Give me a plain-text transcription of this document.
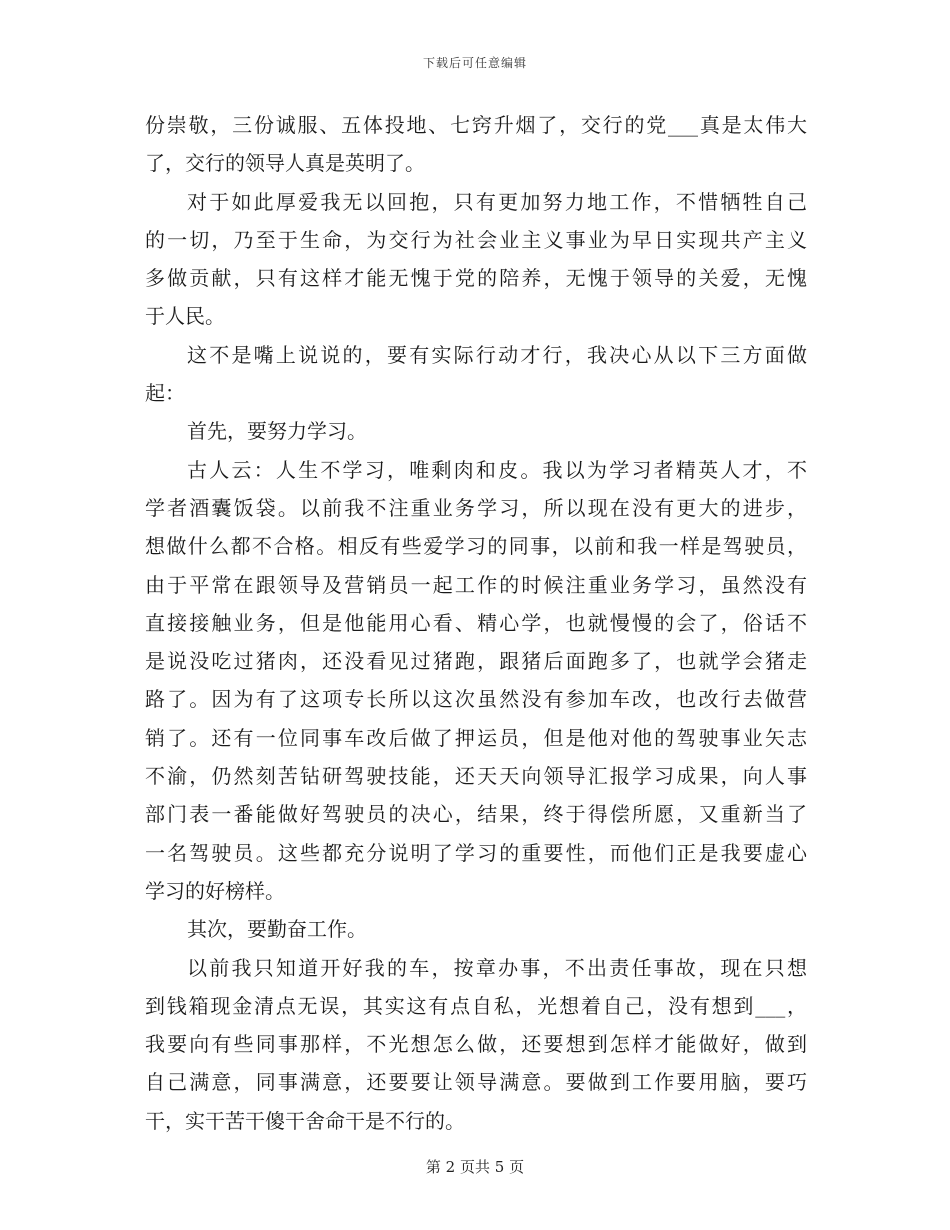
下载后可任意编辑
份崇敬，三份诚服、五体投地、七窍升烟了，交行的党___真是太伟大
了，交行的领导人真是英明了。
对于如此厚爱我无以回抱，只有更加努力地工作，不惜牺牲自己
的一切，乃至于生命，为交行为社会业主义事业为早日实现共产主义
多做贡献，只有这样才能无愧于党的陪养，无愧于领导的关爱，无愧
于人民。
这不是嘴上说说的，要有实际行动才行，我决心从以下三方面做
起：
首先，要努力学习。
古人云：人生不学习，唯剩肉和皮。我以为学习者精英人才，不
学者酒囊饭袋。以前我不注重业务学习，所以现在没有更大的进步，
想做什么都不合格。相反有些爱学习的同事，以前和我一样是驾驶员，
由于平常在跟领导及营销员一起工作的时候注重业务学习，虽然没有
直接接触业务，但是他能用心看、精心学，也就慢慢的会了，俗话不
是说没吃过猪肉，还没看见过猪跑，跟猪后面跑多了，也就学会猪走
路了。因为有了这项专长所以这次虽然没有参加车改，也改行去做营
销了。还有一位同事车改后做了押运员，但是他对他的驾驶事业矢志
不渝，仍然刻苦钻研驾驶技能，还天天向领导汇报学习成果，向人事
部门表一番能做好驾驶员的决心，结果，终于得偿所愿，又重新当了
一名驾驶员。这些都充分说明了学习的重要性，而他们正是我要虚心
学习的好榜样。
其次，要勤奋工作。
以前我只知道开好我的车，按章办事，不出责任事故，现在只想
到钱箱现金清点无误，其实这有点自私，光想着自己，没有想到___，
我要向有些同事那样，不光想怎么做，还要想到怎样才能做好，做到
自己满意，同事满意，还要要让领导满意。要做到工作要用脑，要巧
干，实干苦干傻干舍命干是不行的。
第 2 页共 5 页
